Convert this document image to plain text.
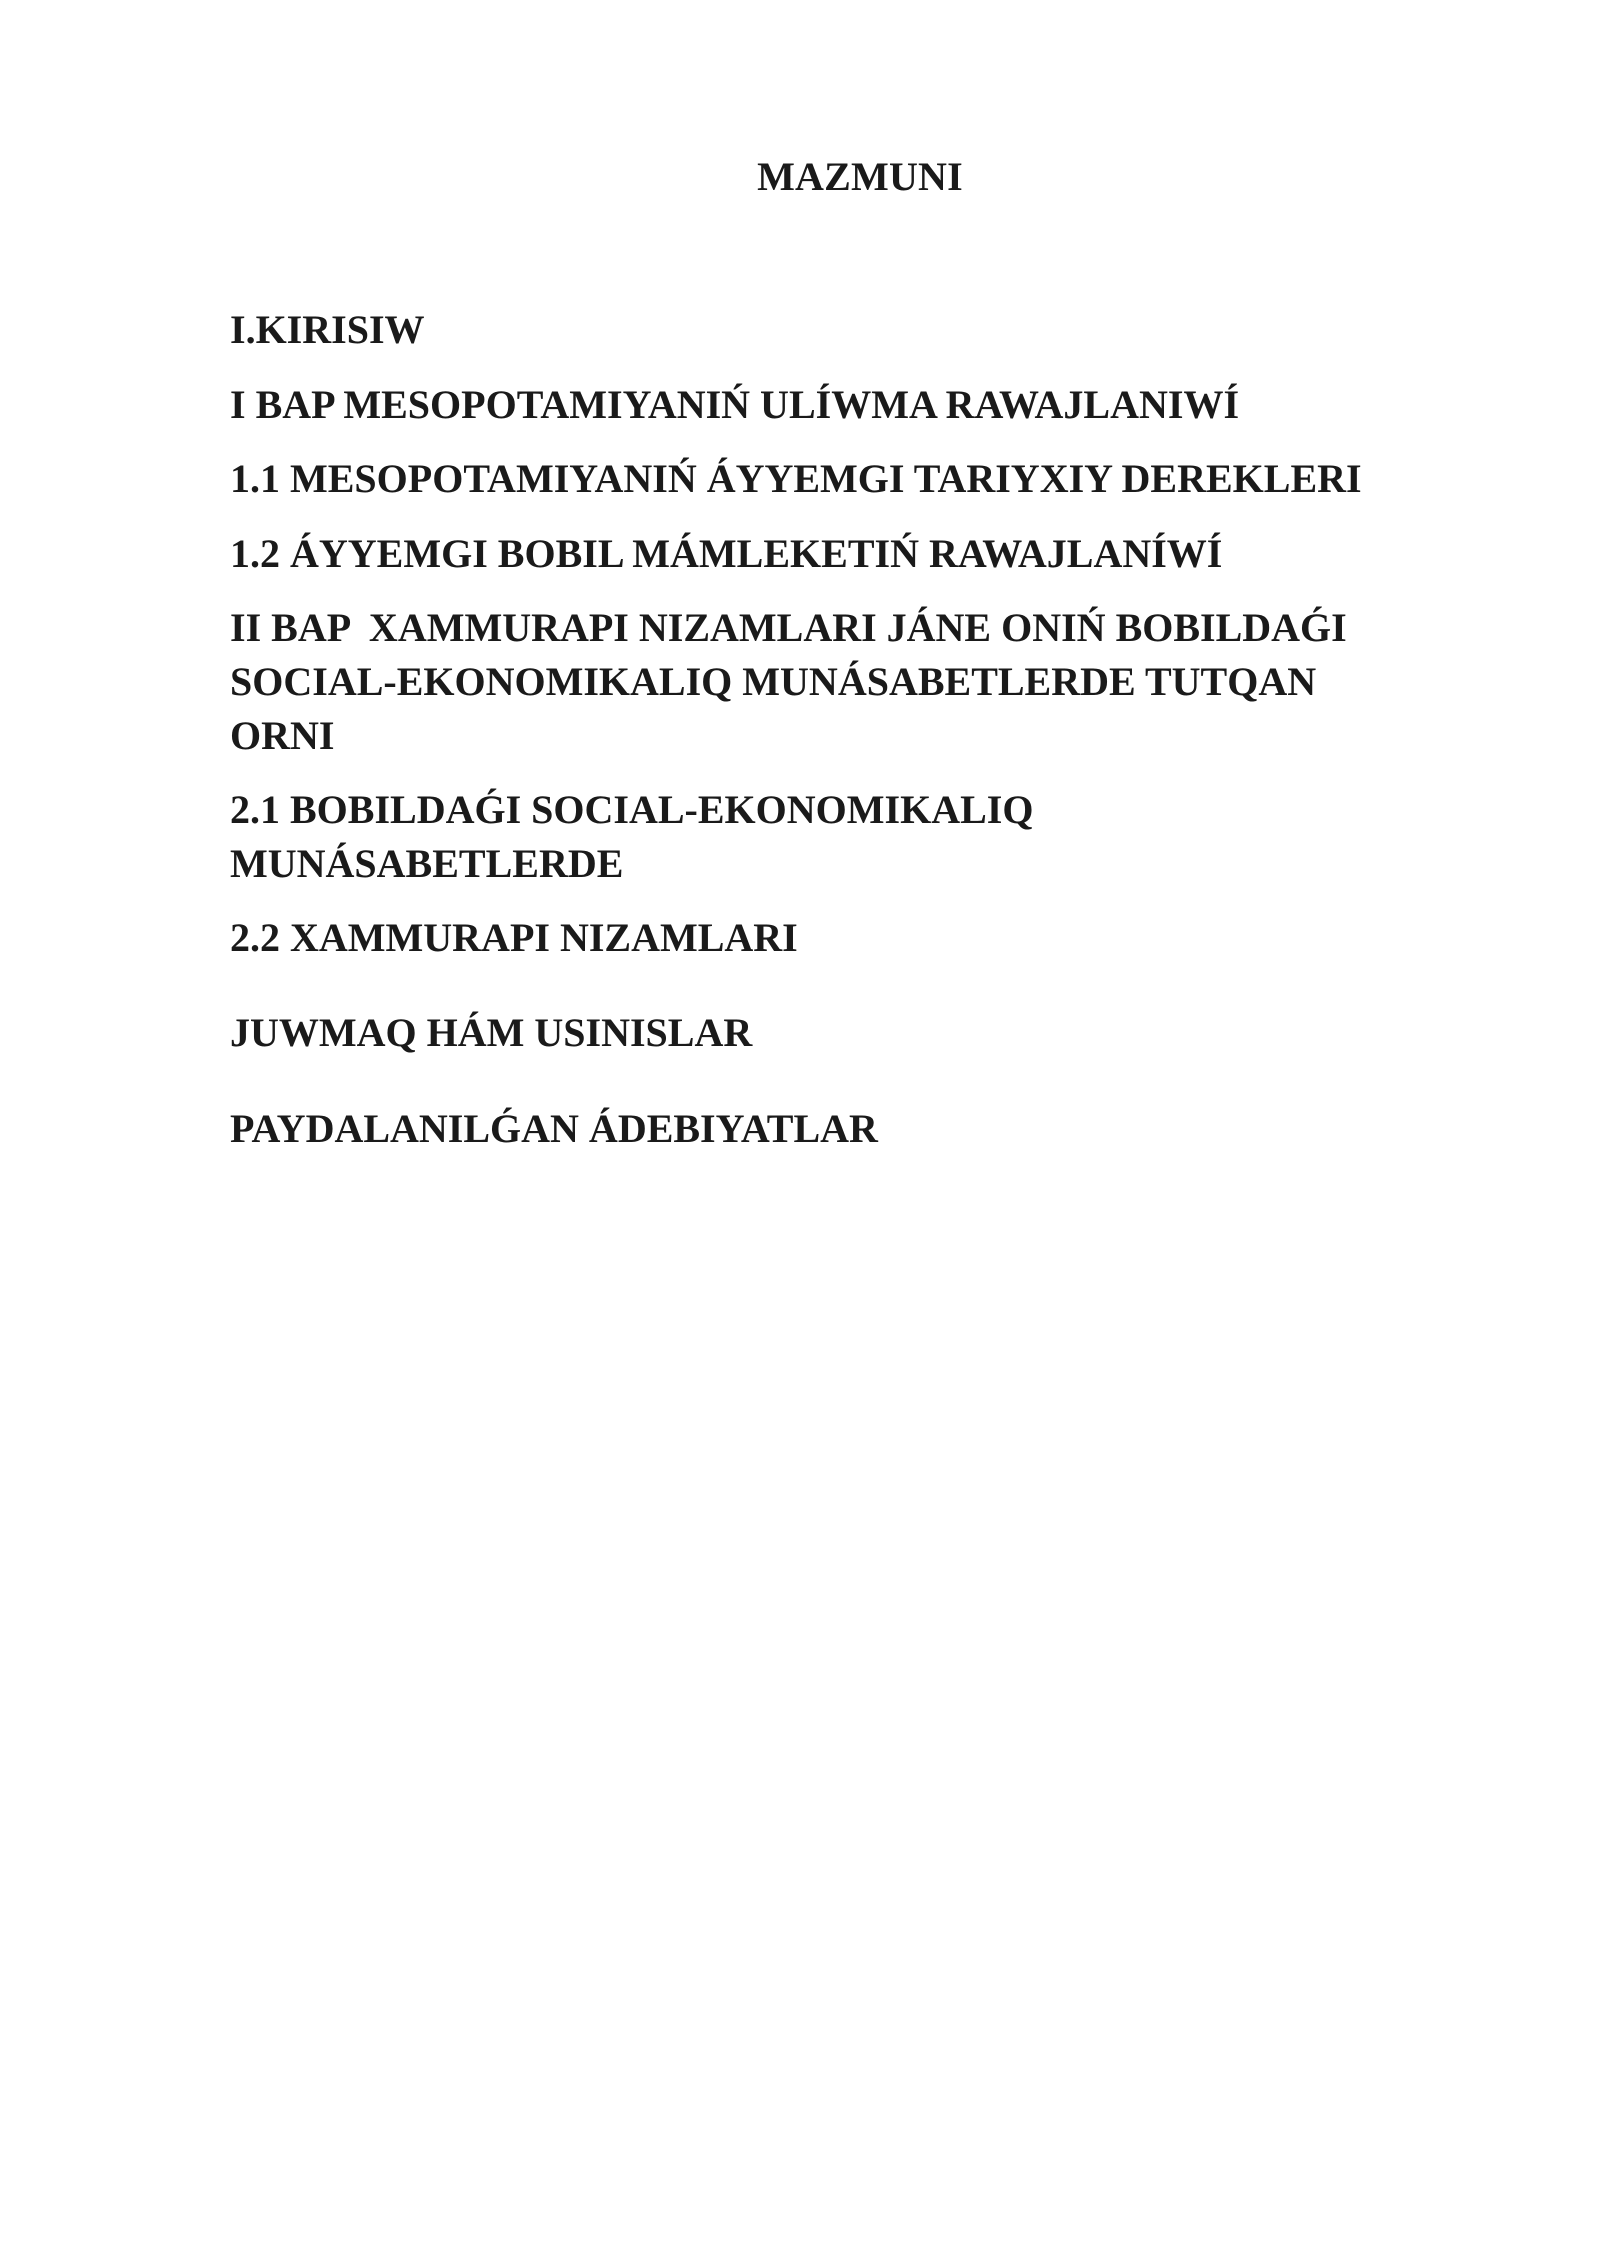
MAZMUNI

I.KIRISIW

I BAP MESOPOTAMIYANIŃ ULÍWMA RAWAJLANIWÍ

1.1 MESOPOTAMIYANIŃ ÁYYEMGI TARIYXIY DEREKLERI

1.2 ÁYYEMGI BOBIL MÁMLEKETIŃ RAWAJLANÍWÍ

II BAP  XAMMURAPI NIZAMLARI JÁNE ONIŃ BOBILDAǴI
SOCIAL-EKONOMIKALIQ MUNÁSABETLERDE TUTQAN
ORNI

2.1 BOBILDAǴI SOCIAL-EKONOMIKALIQ
MUNÁSABETLERDE

2.2 XAMMURAPI NIZAMLARI

JUWMAQ HÁM USINISLAR

PAYDALANILǴAN ÁDEBIYATLAR
